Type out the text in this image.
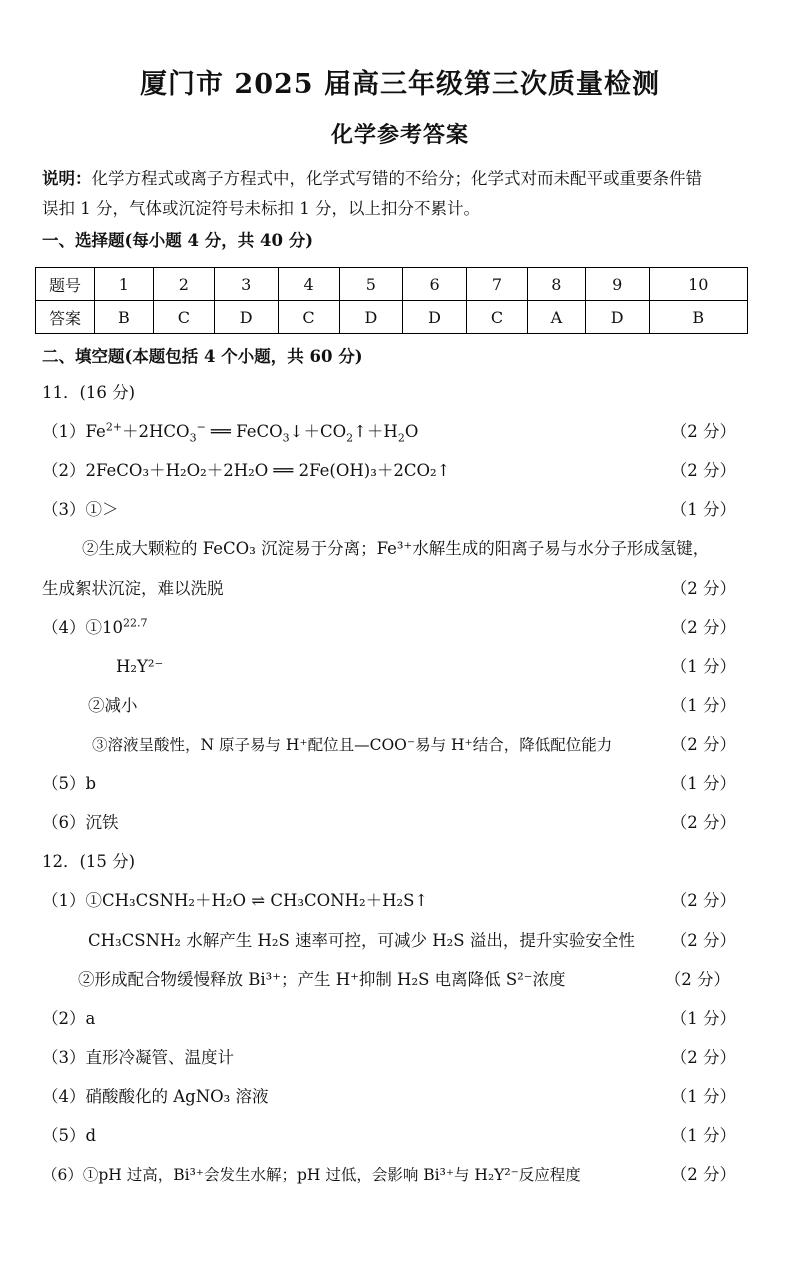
厦门市 2025 届高三年级第三次质量检测
化学参考答案
说明：化学方程式或离子方程式中，化学式写错的不给分；化学式对而未配平或重要条件错
误扣 1 分，气体或沉淀符号未标扣 1 分，以上扣分不累计。
一、选择题(每小题 4 分，共 40 分)
题号	1	2	3	4	5	6	7	8	9	10
答案	B	C	D	C	D	D	C	A	D	B
二、填空题(本题包括 4 个小题，共 60 分)
11．(16 分)
$(1)Fe^{2+}+2HCO_3^-$ ══ $FeCO_3↓+CO_2↑+H_2O$	（2 分）
（2）2FeCO₃＋H₂O₂＋2H₂O ══ 2Fe(OH)₃＋2CO₂↑	（2 分）
（3）①＞	（1 分）
②生成大颗粒的 FeCO₃ 沉淀易于分离；Fe³⁺水解生成的阳离子易与水分子形成氢键，
生成絮状沉淀，难以洗脱	（2 分）
$(4)①10^{22.7}$	（2 分）
H₂Y²⁻	（1 分）
②减小	（1 分）
③溶液呈酸性，N 原子易与 H⁺配位且—COO⁻易与 H⁺结合，降低配位能力	（2 分）
（5）b	（1 分）
（6）沉铁	（2 分）
12．(15 分)
（1）①CH₃CSNH₂＋H₂O ⇌ CH₃CONH₂＋H₂S↑	（2 分）
CH₃CSNH₂ 水解产生 H₂S 速率可控，可减少 H₂S 溢出，提升实验安全性 （2 分）
②形成配合物缓慢释放 Bi³⁺；产生 H⁺抑制 H₂S 电离降低 S²⁻浓度	（2 分）
（2）a	（1 分）
（3）直形冷凝管、温度计	（2 分）
（4）硝酸酸化的 AgNO₃ 溶液	（1 分）
（5）d	（1 分）
（6）①pH 过高，Bi³⁺会发生水解；pH 过低，会影响 Bi³⁺与 H₂Y²⁻反应程度	（2 分）
